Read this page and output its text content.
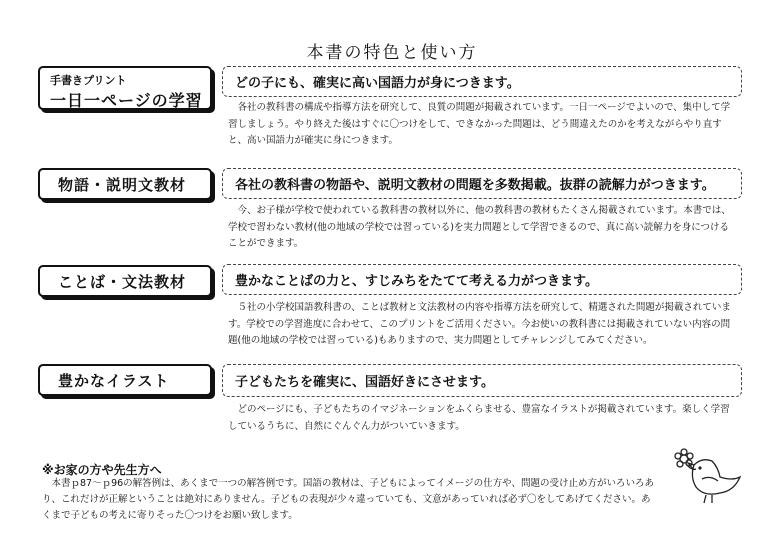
本書の特色と使い方
手書きプリント
一日一ページの学習
どの子にも、確実に高い国語力が身につきます。
各社の教科書の構成や指導方法を研究して、良質の問題が掲載されています。一日一ページでよいので、集中して学習しましょう。やり終えた後はすぐに〇つけをして、できなかった問題は、どう間違えたのかを考えながらやり直すと、高い国語力が確実に身につきます。
物語・説明文教材	各社の教科書の物語や、説明文教材の問題を多数掲載。抜群の読解力がつきます。
今、お子様が学校で使われている教科書の教材以外に、他の教科書の教材もたくさん掲載されています。本書では、学校で習わない教材(他の地域の学校では習っている)を実力問題として学習できるので、真に高い読解力を身につけることができます。
ことば・文法教材	豊かなことばの力と、すじみちをたてて考える力がつきます。
５社の小学校国語教科書の、ことば教材と文法教材の内容や指導方法を研究して、精選された問題が掲載されています。学校での学習進度に合わせて、このプリントをご活用ください。今お使いの教科書には掲載されていない内容の問題(他の地域の学校では習っている)もありますので、実力問題としてチャレンジしてみてください。
豊かなイラスト	子どもたちを確実に、国語好きにさせます。
どのページにも、子どもたちのイマジネーションをふくらませる、豊富なイラストが掲載されています。楽しく学習しているうちに、自然にぐんぐん力がついていきます。
※お家の方や先生方へ
本書ｐ87～ｐ96の解答例は、あくまで一つの解答例です。国語の教材は、子どもによってイメージの仕方や、問題の受け止め方がいろいろあり、これだけが正解ということは絶対にありません。子どもの表現が少々違っていても、文意があっていれば必ず〇をしてあげてください。あくまで子どもの考えに寄りそった〇つけをお願い致します。
